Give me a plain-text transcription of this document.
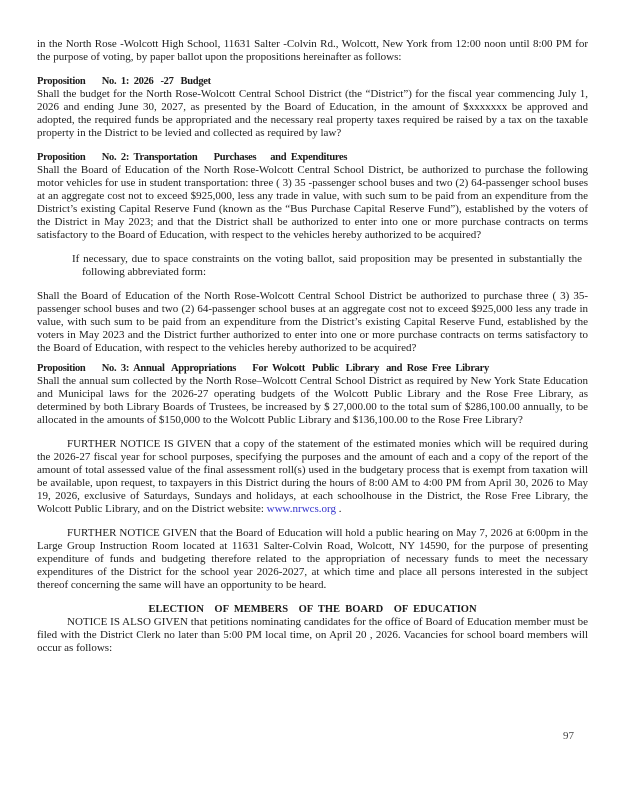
in the North Rose -Wolcott High School, 11631 Salter -Colvin Rd., Wolcott, New York from 12:00 noon until 8:00 PM for the purpose of voting, by paper ballot upon the propositions hereinafter as follows:

Proposition       No.  1:  2026   -27   Budget

Shall the budget for the North Rose-Wolcott Central School District (the “District”) for the fiscal year commencing July 1, 2026 and ending June 30, 2027, as presented by the Board of Education, in the amount of $xxxxxxx be approved and adopted, the required funds be appropriated and the necessary real property taxes required be raised by a tax on the taxable property in the District to be levied and collected as required by law?

Proposition       No.  2:  Transportation       Purchases      and  Expenditures

Shall the Board of Education of the North Rose-Wolcott Central School District, be authorized to purchase the following motor vehicles for use in student transportation: three ( 3) 35 -passenger school buses and two (2) 64-passenger school buses at an aggregate cost not to exceed $925,000, less any trade in value, with such sum to be paid from an expenditure from the District’s existing Capital Reserve Fund (known as the “Bus Purchase Capital Reserve Fund”), established by the voters of the District in May 2023; and that the District shall be authorized to enter into one or more purchase contracts on terms satisfactory to the Board of Education, with respect to the vehicles hereby authorized to be acquired?

If necessary, due to space constraints on the voting ballot, said proposition may be presented in substantially the following abbreviated form:

Shall the Board of Education of the North Rose-Wolcott Central School District be authorized to purchase three ( 3) 35-passenger school buses and two (2) 64-passenger school buses at an aggregate cost not to exceed $925,000 less any trade in value, with such sum to be paid from an expenditure from the District’s existing Capital Reserve Fund, established by the voters in May 2023 and the District further authorized to enter into one or more purchase contracts on terms satisfactory to the Board of Education, with respect to the vehicles hereby authorized to be acquired?

Proposition       No.  3:  Annual   Appropriations       For  Wolcott   Public   Library   and  Rose  Free  Library

Shall the annual sum collected by the North Rose–Wolcott Central School District as required by New York State Education and Municipal laws for the 2026-27 operating budgets of the Wolcott Public Library and the Rose Free Library, as determined by both Library Boards of Trustees, be increased by $ 27,000.00 to the total sum of $286,100.00 annually, to be allocated in the amounts of $150,000 to the Wolcott Public Library and $136,100.00 to the Rose Free Library?

FURTHER NOTICE IS GIVEN that a copy of the statement of the estimated monies which will be required during the 2026-27 fiscal year for school purposes, specifying the purposes and the amount of each and a copy of the report of the amount of total assessed value of the final assessment roll(s) used in the budgetary process that is exempt from taxation will be available, upon request, to taxpayers in this District during the hours of 8:00 AM to 4:00 PM from April 30, 2026 to May 19, 2026, exclusive of Saturdays, Sundays and holidays, at each schoolhouse in the District, the Rose Free Library, the Wolcott Public Library, and on the District website: www.nrwcs.org .

FURTHER NOTICE GIVEN that the Board of Education will hold a public hearing on May 7, 2026 at 6:00pm in the Large Group Instruction Room located at 11631 Salter-Colvin Road, Wolcott, NY 14590, for the purpose of presenting expenditure of funds and budgeting therefore related to the appropriation of necessary funds to meet the necessary expenditures of the District for the school year 2026-2027, at which time and place all persons interested in the subject thereof concerning the same will have an opportunity to be heard.

ELECTION    OF  MEMBERS    OF  THE  BOARD    OF  EDUCATION

NOTICE IS ALSO GIVEN that petitions nominating candidates for the office of Board of Education member must be filed with the District Clerk no later than 5:00 PM local time, on April 20 , 2026. Vacancies for school board members will occur as follows:

97
